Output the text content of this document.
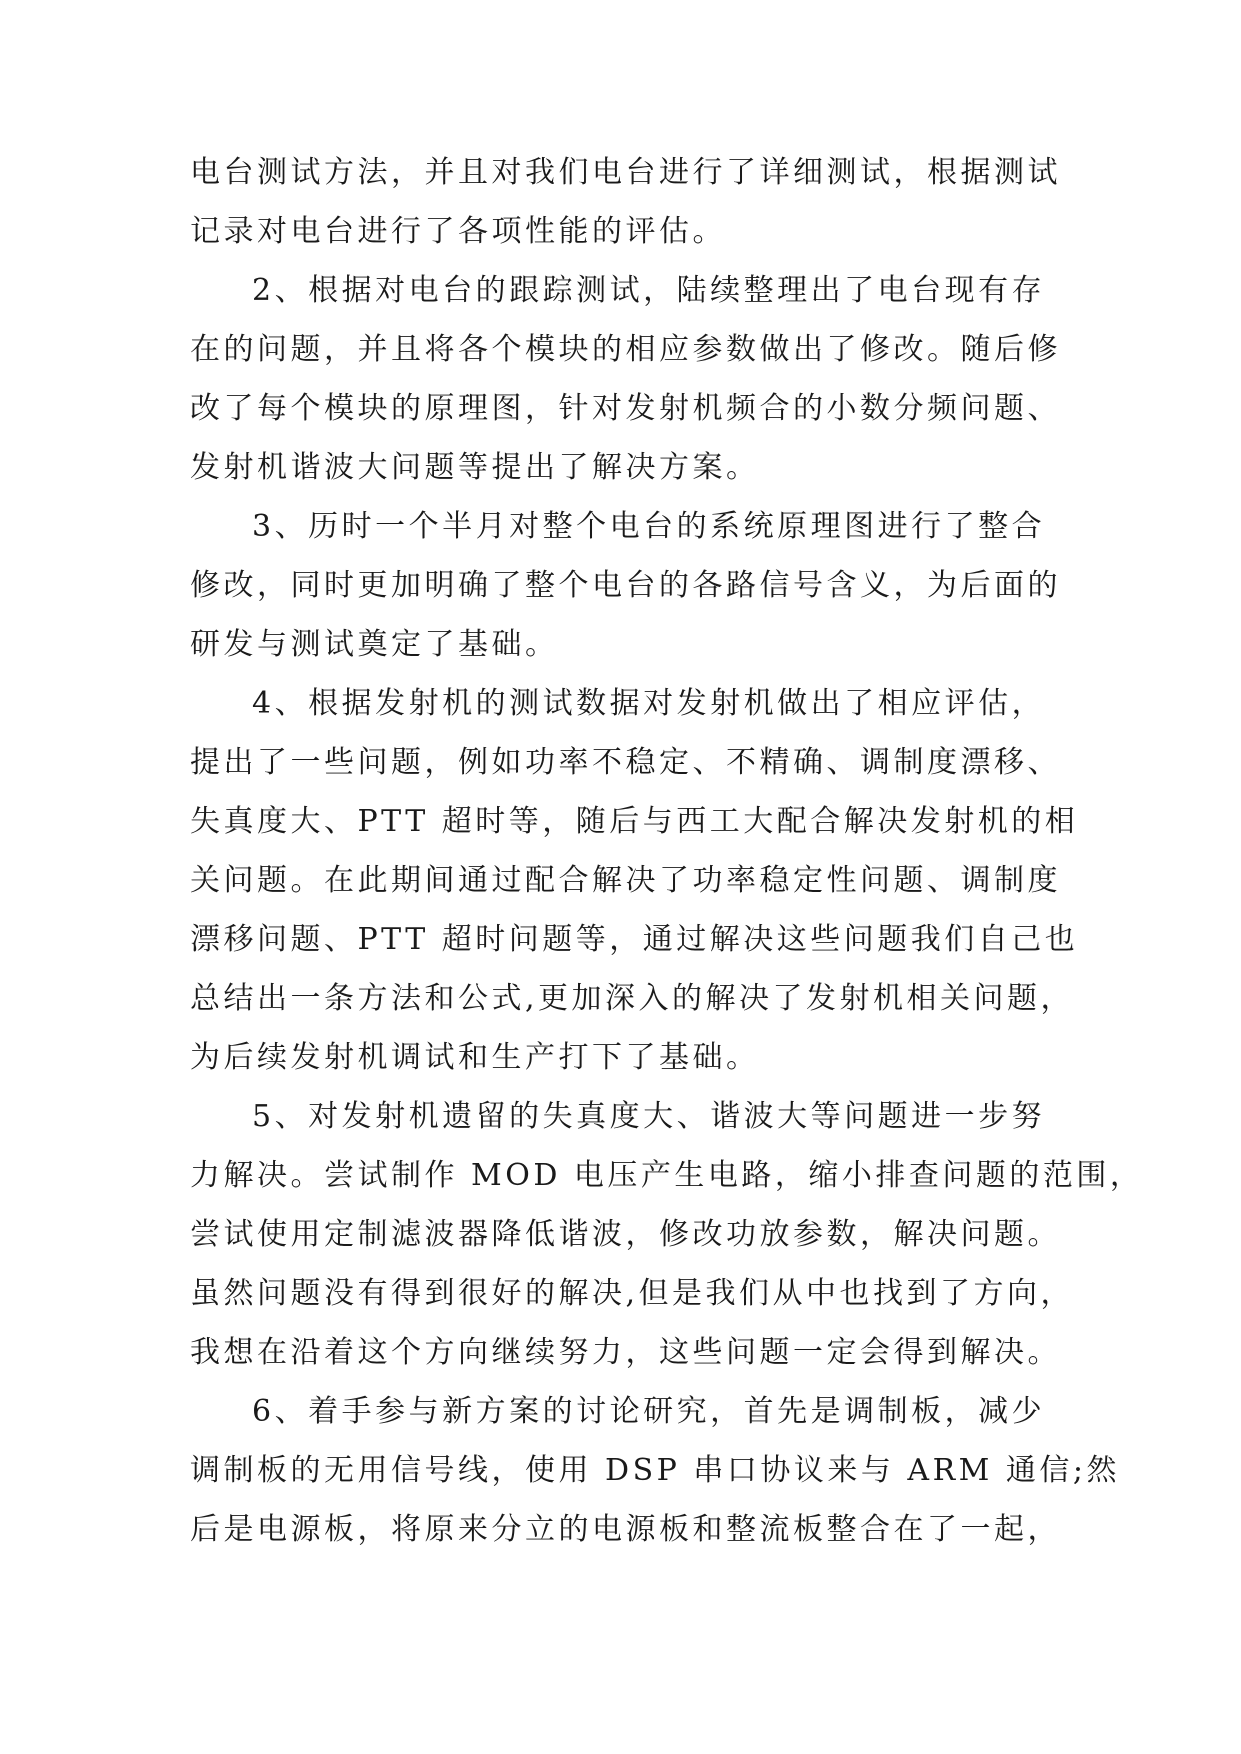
电台测试方法，并且对我们电台进行了详细测试，根据测试
记录对电台进行了各项性能的评估。
2、根据对电台的跟踪测试，陆续整理出了电台现有存
在的问题，并且将各个模块的相应参数做出了修改。随后修
改了每个模块的原理图，针对发射机频合的小数分频问题、
发射机谐波大问题等提出了解决方案。
3、历时一个半月对整个电台的系统原理图进行了整合
修改，同时更加明确了整个电台的各路信号含义，为后面的
研发与测试奠定了基础。
4、根据发射机的测试数据对发射机做出了相应评估，
提出了一些问题，例如功率不稳定、不精确、调制度漂移、
失真度大、PTT 超时等，随后与西工大配合解决发射机的相
关问题。在此期间通过配合解决了功率稳定性问题、调制度
漂移问题、PTT 超时问题等，通过解决这些问题我们自己也
总结出一条方法和公式,更加深入的解决了发射机相关问题，
为后续发射机调试和生产打下了基础。
5、对发射机遗留的失真度大、谐波大等问题进一步努
力解决。尝试制作 MOD 电压产生电路，缩小排查问题的范围，
尝试使用定制滤波器降低谐波，修改功放参数，解决问题。
虽然问题没有得到很好的解决,但是我们从中也找到了方向，
我想在沿着这个方向继续努力，这些问题一定会得到解决。
6、着手参与新方案的讨论研究，首先是调制板，减少
调制板的无用信号线，使用 DSP 串口协议来与 ARM 通信;然
后是电源板，将原来分立的电源板和整流板整合在了一起，
